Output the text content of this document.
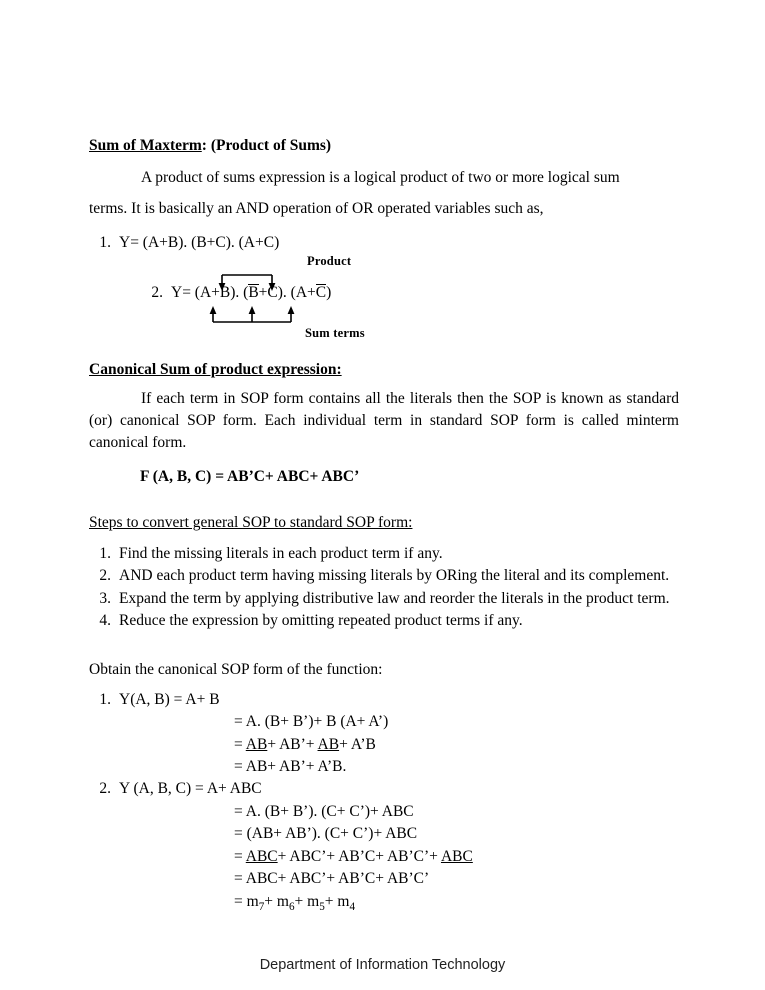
Sum of Maxterm: (Product of Sums)

A product of sums expression is a logical product of two or more logical sum

terms. It is basically an AND operation of OR operated variables such as,

1. Y= (A+B). (B+C). (A+C)
Product
2. Y= (A+B). (B+C). (A+C)
Sum terms

Canonical Sum of product expression:

If each term in SOP form contains all the literals then the SOP is known as standard (or) canonical SOP form. Each individual term in standard SOP form is called minterm canonical form.

F (A, B, C) = AB’C+ ABC+ ABC’

Steps to convert general SOP to standard SOP form:

1. Find the missing literals in each product term if any.
2. AND each product term having missing literals by ORing the literal and its complement.
3. Expand the term by applying distributive law and reorder the literals in the product term.
4. Reduce the expression by omitting repeated product terms if any.

Obtain the canonical SOP form of the function:

1. Y(A, B) = A+ B

= A. (B+ B’)+ B (A+ A’)

= AB+ AB’+ AB+ A’B

= AB+ AB’+ A’B.

2. Y (A, B, C) = A+ ABC

= A. (B+ B’). (C+ C’)+ ABC

= (AB+ AB’). (C+ C’)+ ABC

= ABC+ ABC’+ AB’C+ AB’C’+ ABC

= ABC+ ABC’+ AB’C+ AB’C’

= $m_7+ m_6+ m_5+ m_4$

Department of Information Technology
